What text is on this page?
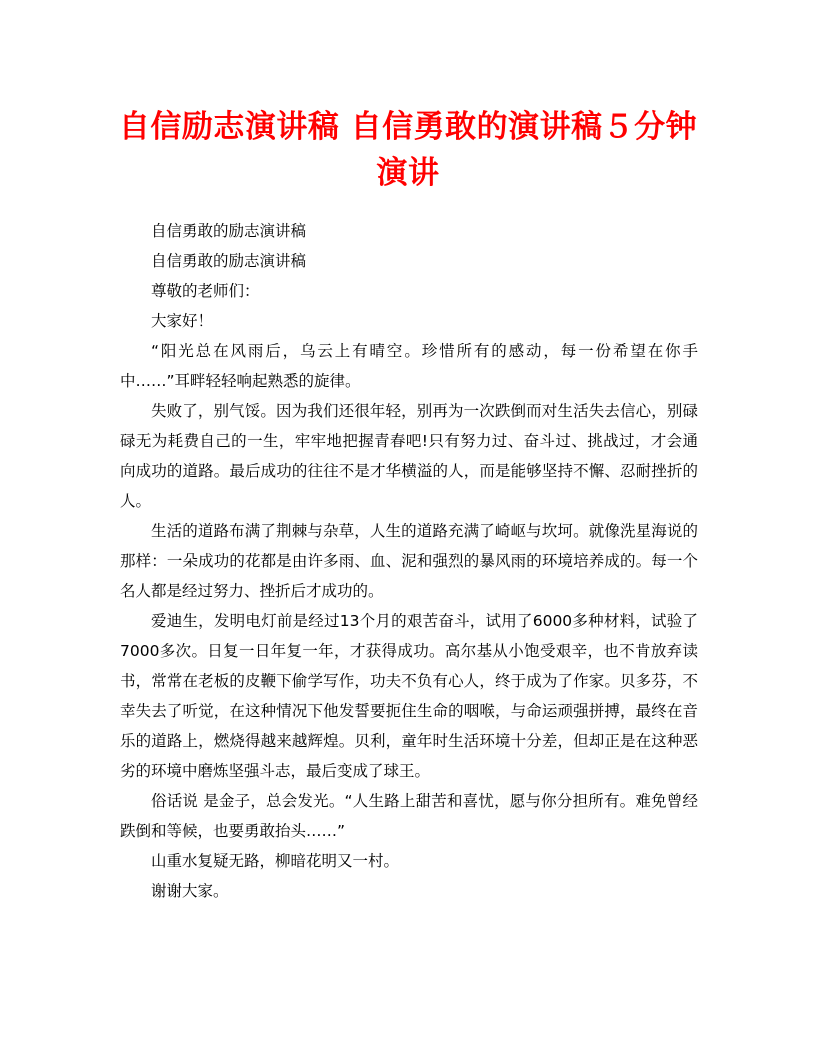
自信励志演讲稿 自信勇敢的演讲稿５分钟演讲

自信勇敢的励志演讲稿

自信勇敢的励志演讲稿

尊敬的老师们：

大家好！

“阳光总在风雨后，乌云上有晴空。珍惜所有的感动，每一份希望在你手中……”耳畔轻轻响起熟悉的旋律。

失败了，别气馁。因为我们还很年轻，别再为一次跌倒而对生活失去信心，别碌碌无为耗费自己的一生，牢牢地把握青春吧!只有努力过、奋斗过、挑战过，才会通向成功的道路。最后成功的往往不是才华横溢的人，而是能够坚持不懈、忍耐挫折的人。

生活的道路布满了荆棘与杂草，人生的道路充满了崎岖与坎坷。就像洗星海说的那样：一朵成功的花都是由许多雨、血、泥和强烈的暴风雨的环境培养成的。每一个名人都是经过努力、挫折后才成功的。

爱迪生，发明电灯前是经过13个月的艰苦奋斗，试用了6000多种材料，试验了7000多次。日复一日年复一年，才获得成功。高尔基从小饱受艰辛，也不肯放弃读书，常常在老板的皮鞭下偷学写作，功夫不负有心人，终于成为了作家。贝多芬，不幸失去了听觉，在这种情况下他发誓要扼住生命的咽喉，与命运顽强拼搏，最终在音乐的道路上，燃烧得越来越辉煌。贝利，童年时生活环境十分差，但却正是在这种恶劣的环境中磨炼坚强斗志，最后变成了球王。

俗话说 是金子，总会发光。“人生路上甜苦和喜忧，愿与你分担所有。难免曾经跌倒和等候，也要勇敢抬头……”

山重水复疑无路，柳暗花明又一村。

谢谢大家。
